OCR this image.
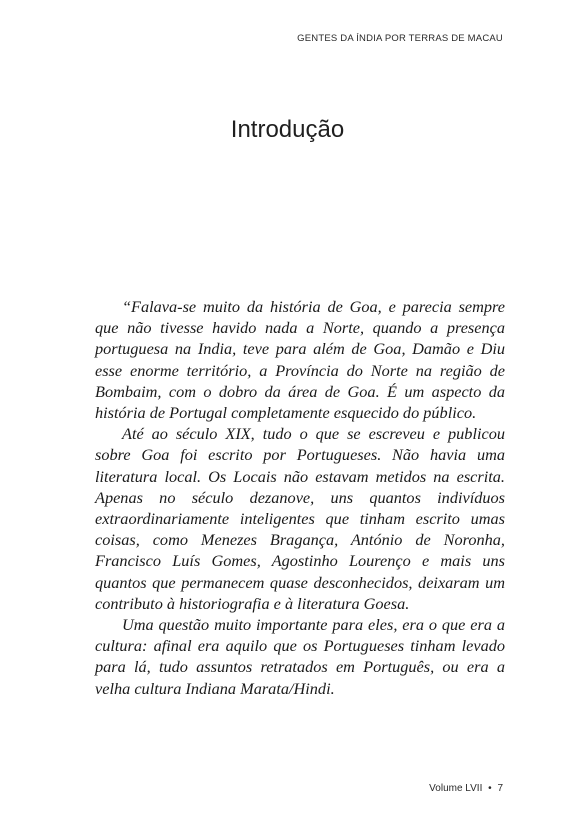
GENTES DA ÍNDIA POR TERRAS DE MACAU
Introdução

“Falava-se muito da história de Goa, e parecia sempre que não tivesse havido nada a Norte, quando a presença portuguesa na India, teve para além de Goa, Damão e Diu esse enorme território, a Província do Norte na região de Bombaim, com o dobro da área de Goa. É um aspecto da história de Portugal completamente esquecido do público.

Até ao século XIX, tudo o que se escreveu e publicou sobre Goa foi escrito por Portugueses. Não havia uma literatura local. Os Locais não estavam metidos na escrita. Apenas no século dezanove, uns quantos indivíduos extraordinariamente inteligentes que tinham escrito umas coisas, como Menezes Bragança, António de Noronha, Francisco Luís Gomes, Agostinho Lourenço e mais uns quantos que permanecem quase desconhecidos, deixaram um contributo à historiografia e à literatura Goesa.

Uma questão muito importante para eles, era o que era a cultura: afinal era aquilo que os Portugueses tinham levado para lá, tudo assuntos retratados em Português, ou era a velha cultura Indiana Marata/Hindi.

Volume LVII • 7
